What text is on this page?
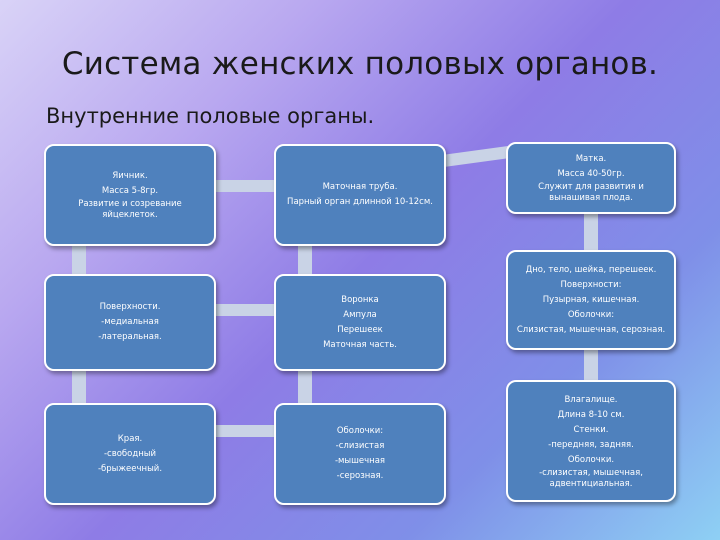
Система женских половых органов.
Внутренние половые органы.
Яичник.
Масса 5-8гр.
Развитие и созревание яйцеклеток.
Поверхности.
-медиальная
-латеральная.
Края.
-свободный
-брыжеечный.
Маточная труба.
Парный орган длинной 10-12см.
Воронка
Ампула
Перешеек
Маточная часть.
Оболочки:
-слизистая
-мышечная
-серозная.
Матка.
Масса 40-50гр.
Служит для развития и вынашивая плода.
Дно, тело, шейка, перешеек.
Поверхности:
Пузырная, кишечная.
Оболочки:
Слизистая, мышечная, серозная.
Влагалище.
Длина 8-10 см.
Стенки.
-передняя, задняя.
Оболочки.
-слизистая, мышечная, адвентициальная.
